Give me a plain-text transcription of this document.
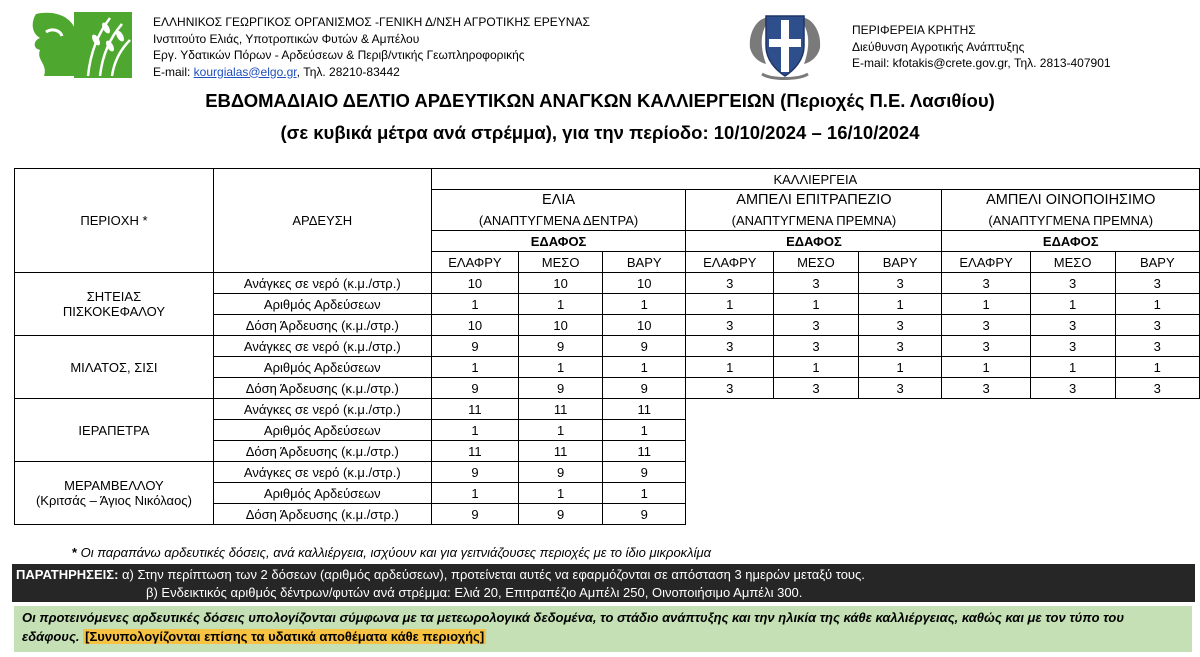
ΕΛΛΗΝΙΚΟΣ ΓΕΩΡΓΙΚΟΣ ΟΡΓΑΝΙΣΜΟΣ -ΓΕΝΙΚΗ Δ/ΝΣΗ ΑΓΡΟΤΙΚΗΣ ΕΡΕΥΝΑΣ
Ινστιτούτο Ελιάς, Υποτροπικών Φυτών & Αμπέλου
Εργ. Υδατικών Πόρων - Αρδεύσεων & Περιβ/ντικής Γεωπληροφορικής
E-mail: kourgialas@elgo.gr, Τηλ. 28210-83442
ΠΕΡΙΦΕΡΕΙΑ ΚΡΗΤΗΣ
Διεύθυνση Αγροτικής Ανάπτυξης
E-mail: kfotakis@crete.gov.gr, Τηλ. 2813-407901
ΕΒΔΟΜΑΔΙΑΙΟ ΔΕΛΤΙΟ ΑΡΔΕΥΤΙΚΩΝ ΑΝΑΓΚΩΝ ΚΑΛΛΙΕΡΓΕΙΩΝ (Περιοχές Π.Ε. Λασιθίου)
(σε κυβικά μέτρα ανά στρέμμα), για την περίοδο: 10/10/2024 – 16/10/2024
ΠΕΡΙΟΧΗ *	ΑΡΔΕΥΣΗ	ΚΑΛΛΙΕΡΓΕΙΑ								
		ΕΛΙΑ			ΑΜΠΕΛΙ ΕΠΙΤΡΑΠΕΖΙΟ			ΑΜΠΕΛΙ ΟΙΝΟΠΟΙΗΣΙΜΟ		
		(ΑΝΑΠΤΥΓΜΕΝΑ ΔΕΝΤΡΑ)			(ΑΝΑΠΤΥΓΜΕΝΑ ΠΡΕΜΝΑ)			(ΑΝΑΠΤΥΓΜΕΝΑ ΠΡΕΜΝΑ)		
		ΕΔΑΦΟΣ			ΕΔΑΦΟΣ			ΕΔΑΦΟΣ		
		ΕΛΑΦΡΥ	ΜΕΣΟ	ΒΑΡΥ	ΕΛΑΦΡΥ	ΜΕΣΟ	ΒΑΡΥ	ΕΛΑΦΡΥ	ΜΕΣΟ	ΒΑΡΥ

ΣΗΤΕΙΑΣ
ΠΙΣΚΟΚΕΦΑΛΟΥ	Ανάγκες σε νερό (κ.μ./στρ.)	10	10	10	3	3	3	3	3	3
	Αριθμός Αρδεύσεων	1	1	1	1	1	1	1	1	1
	Δόση Άρδευσης (κ.μ./στρ.)	10	10	10	3	3	3	3	3	3

ΜΙΛΑΤΟΣ, ΣΙΣΙ	Ανάγκες σε νερό (κ.μ./στρ.)	9	9	9	3	3	3	3	3	3
	Αριθμός Αρδεύσεων	1	1	1	1	1	1	1	1	1
	Δόση Άρδευσης (κ.μ./στρ.)	9	9	9	3	3	3	3	3	3

ΙΕΡΑΠΕΤΡΑ	Ανάγκες σε νερό (κ.μ./στρ.)	11	11	11						
	Αριθμός Αρδεύσεων	1	1	1						
	Δόση Άρδευσης (κ.μ./στρ.)	11	11	11						

ΜΕΡΑΜΒΕΛΛΟΥ
(Κριτσάς – Άγιος Νικόλαος)	Ανάγκες σε νερό (κ.μ./στρ.)	9	9	9						
	Αριθμός Αρδεύσεων	1	1	1						
	Δόση Άρδευσης (κ.μ./στρ.)	9	9	9						
* Οι παραπάνω αρδευτικές δόσεις, ανά καλλιέργεια, ισχύουν και για γειτνιάζουσες περιοχές με το ίδιο μικροκλίμα
ΠΑΡΑΤΗΡΗΣΕΙΣ: α) Στην περίπτωση των 2 δόσεων (αριθμός αρδεύσεων), προτείνεται αυτές να εφαρμόζονται σε απόσταση 3 ημερών μεταξύ τους.
β) Ενδεικτικός αριθμός δέντρων/φυτών ανά στρέμμα: Ελιά 20, Επιτραπέζιο Αμπέλι 250, Οινοποιήσιμο Αμπέλι 300.
Οι προτεινόμενες αρδευτικές δόσεις υπολογίζονται σύμφωνα με τα μετεωρολογικά δεδομένα, το στάδιο ανάπτυξης και την ηλικία της κάθε καλλιέργειας, καθώς και με τον τύπο του εδάφους. [Συνυπολογίζονται επίσης τα υδατικά αποθέματα κάθε περιοχής]
